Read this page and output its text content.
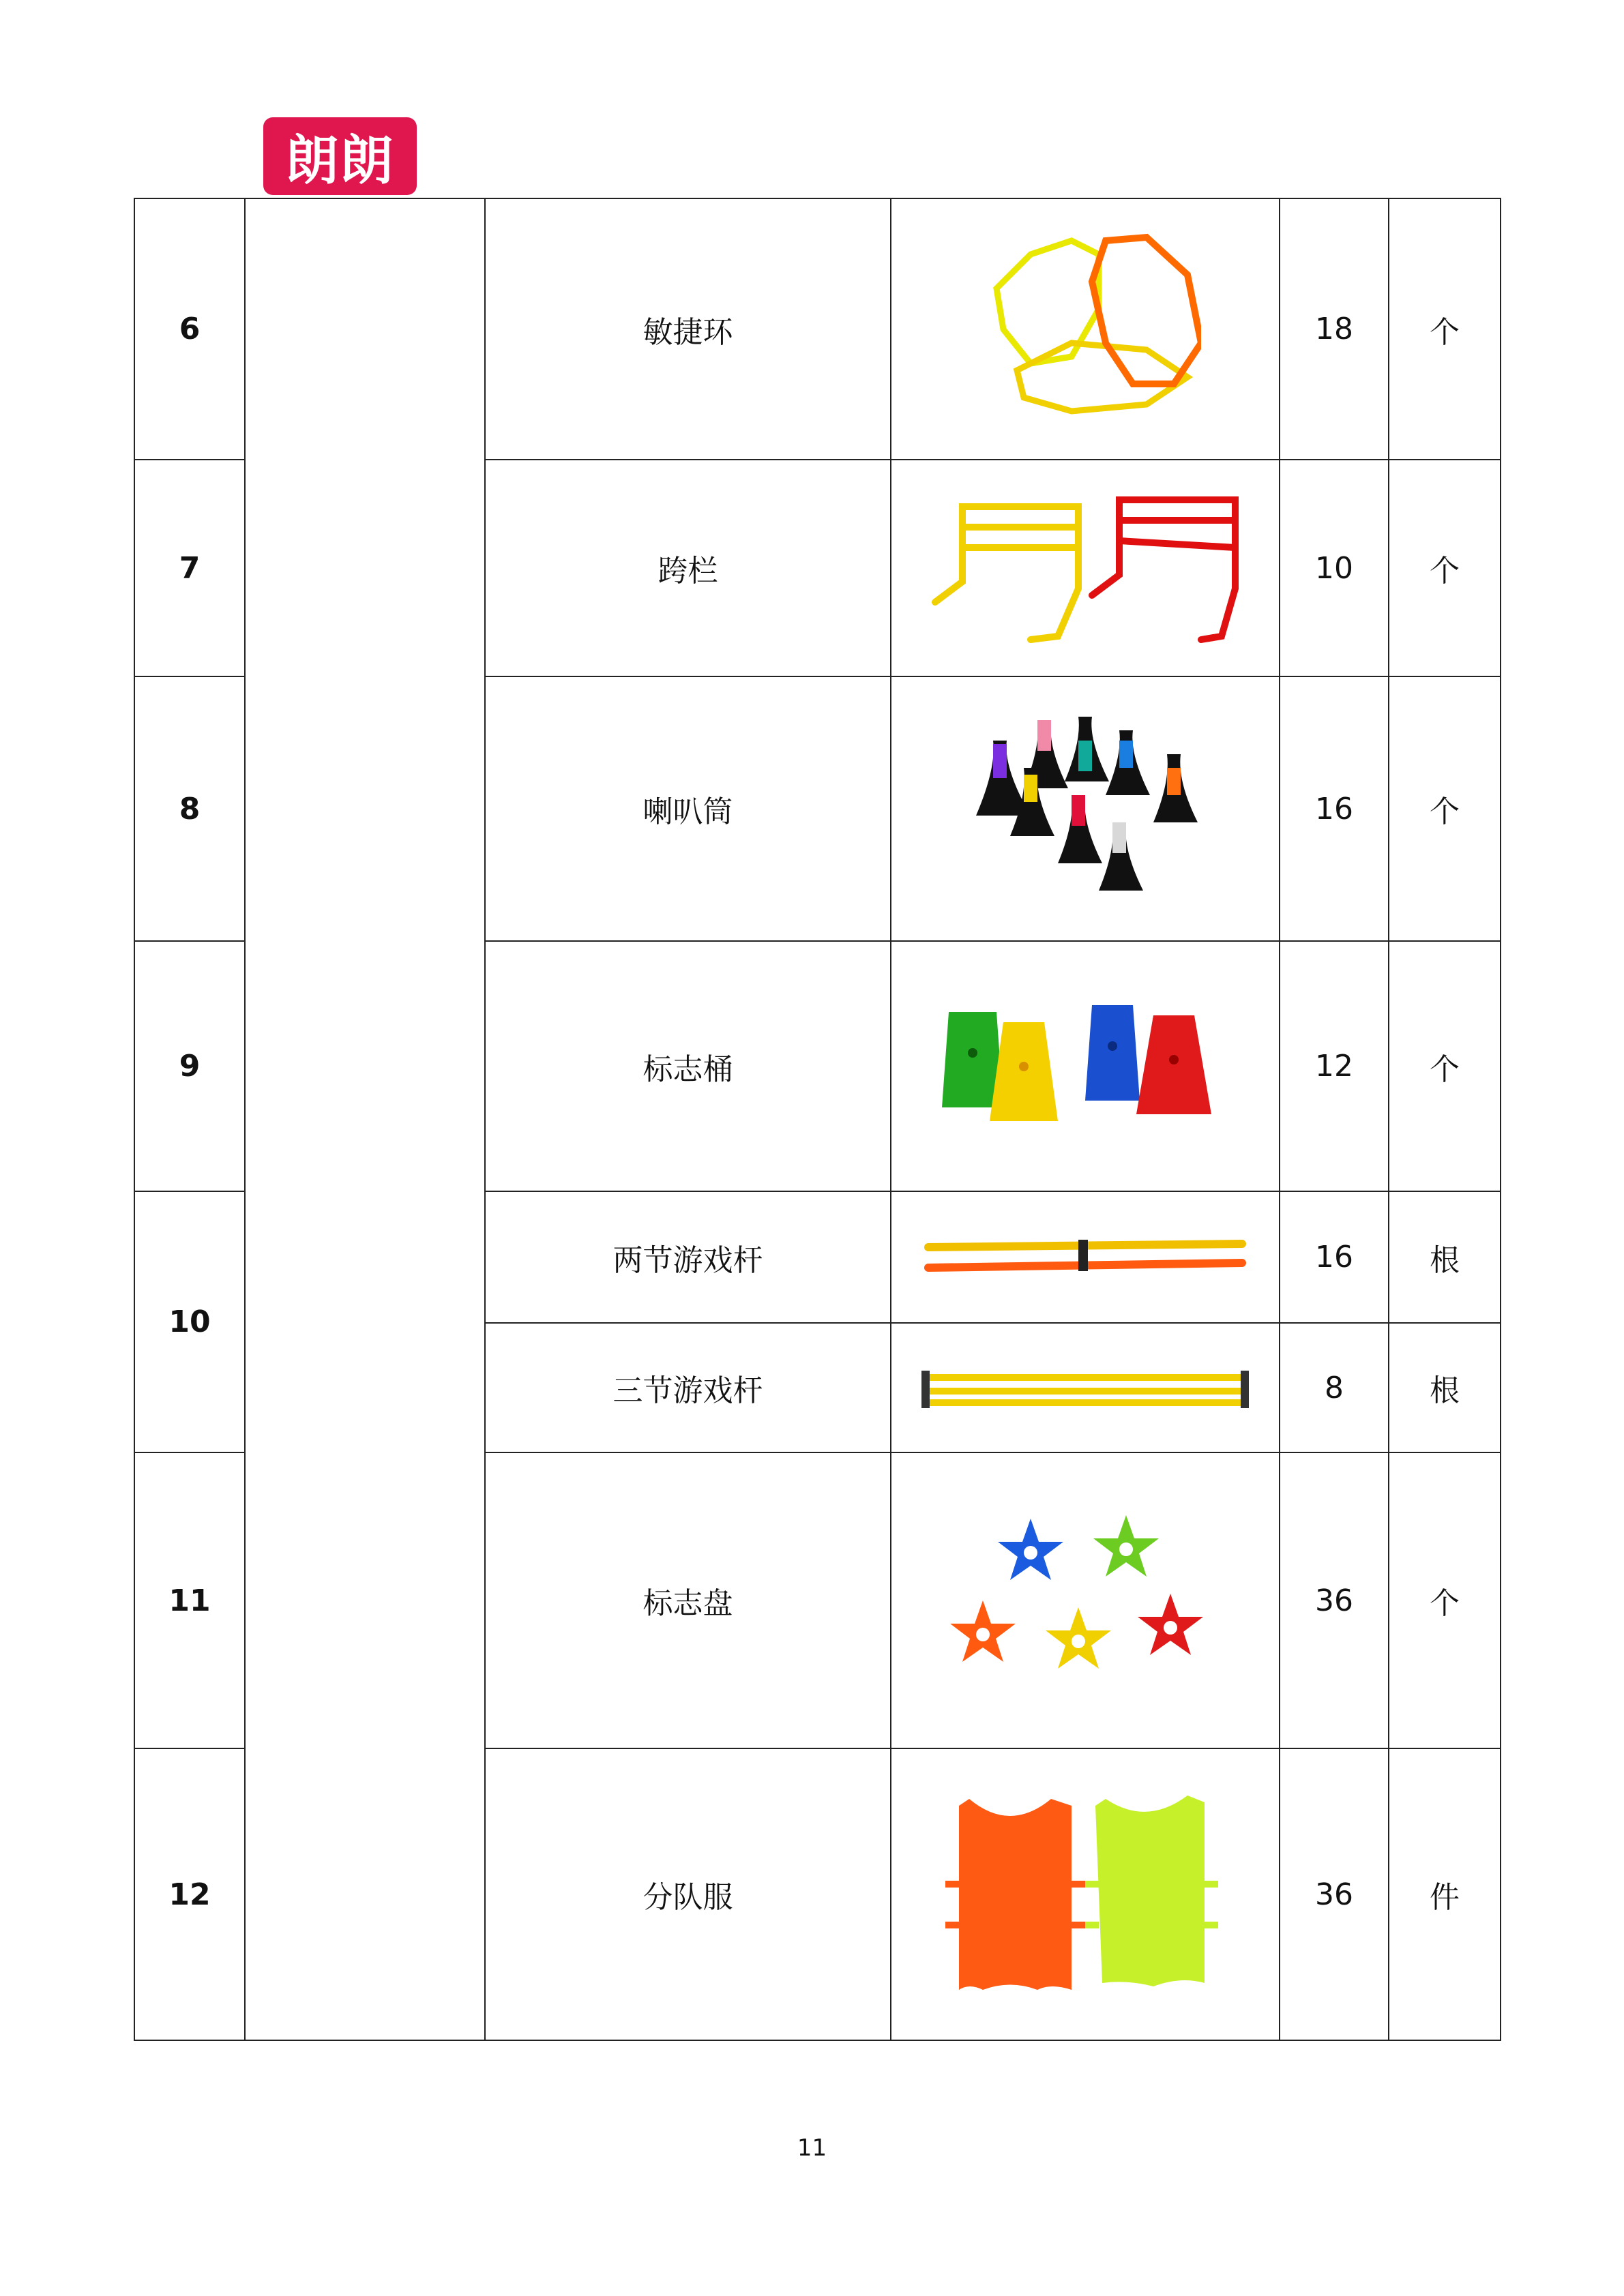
朗朗
6		敏捷环		18	个
7		跨栏		10	个
8		喇叭筒		16	个
9		标志桶		12	个
10		两节游戏杆		16	根
		三节游戏杆		8	根
11		标志盘		36	个
12		分队服		36	件
11
